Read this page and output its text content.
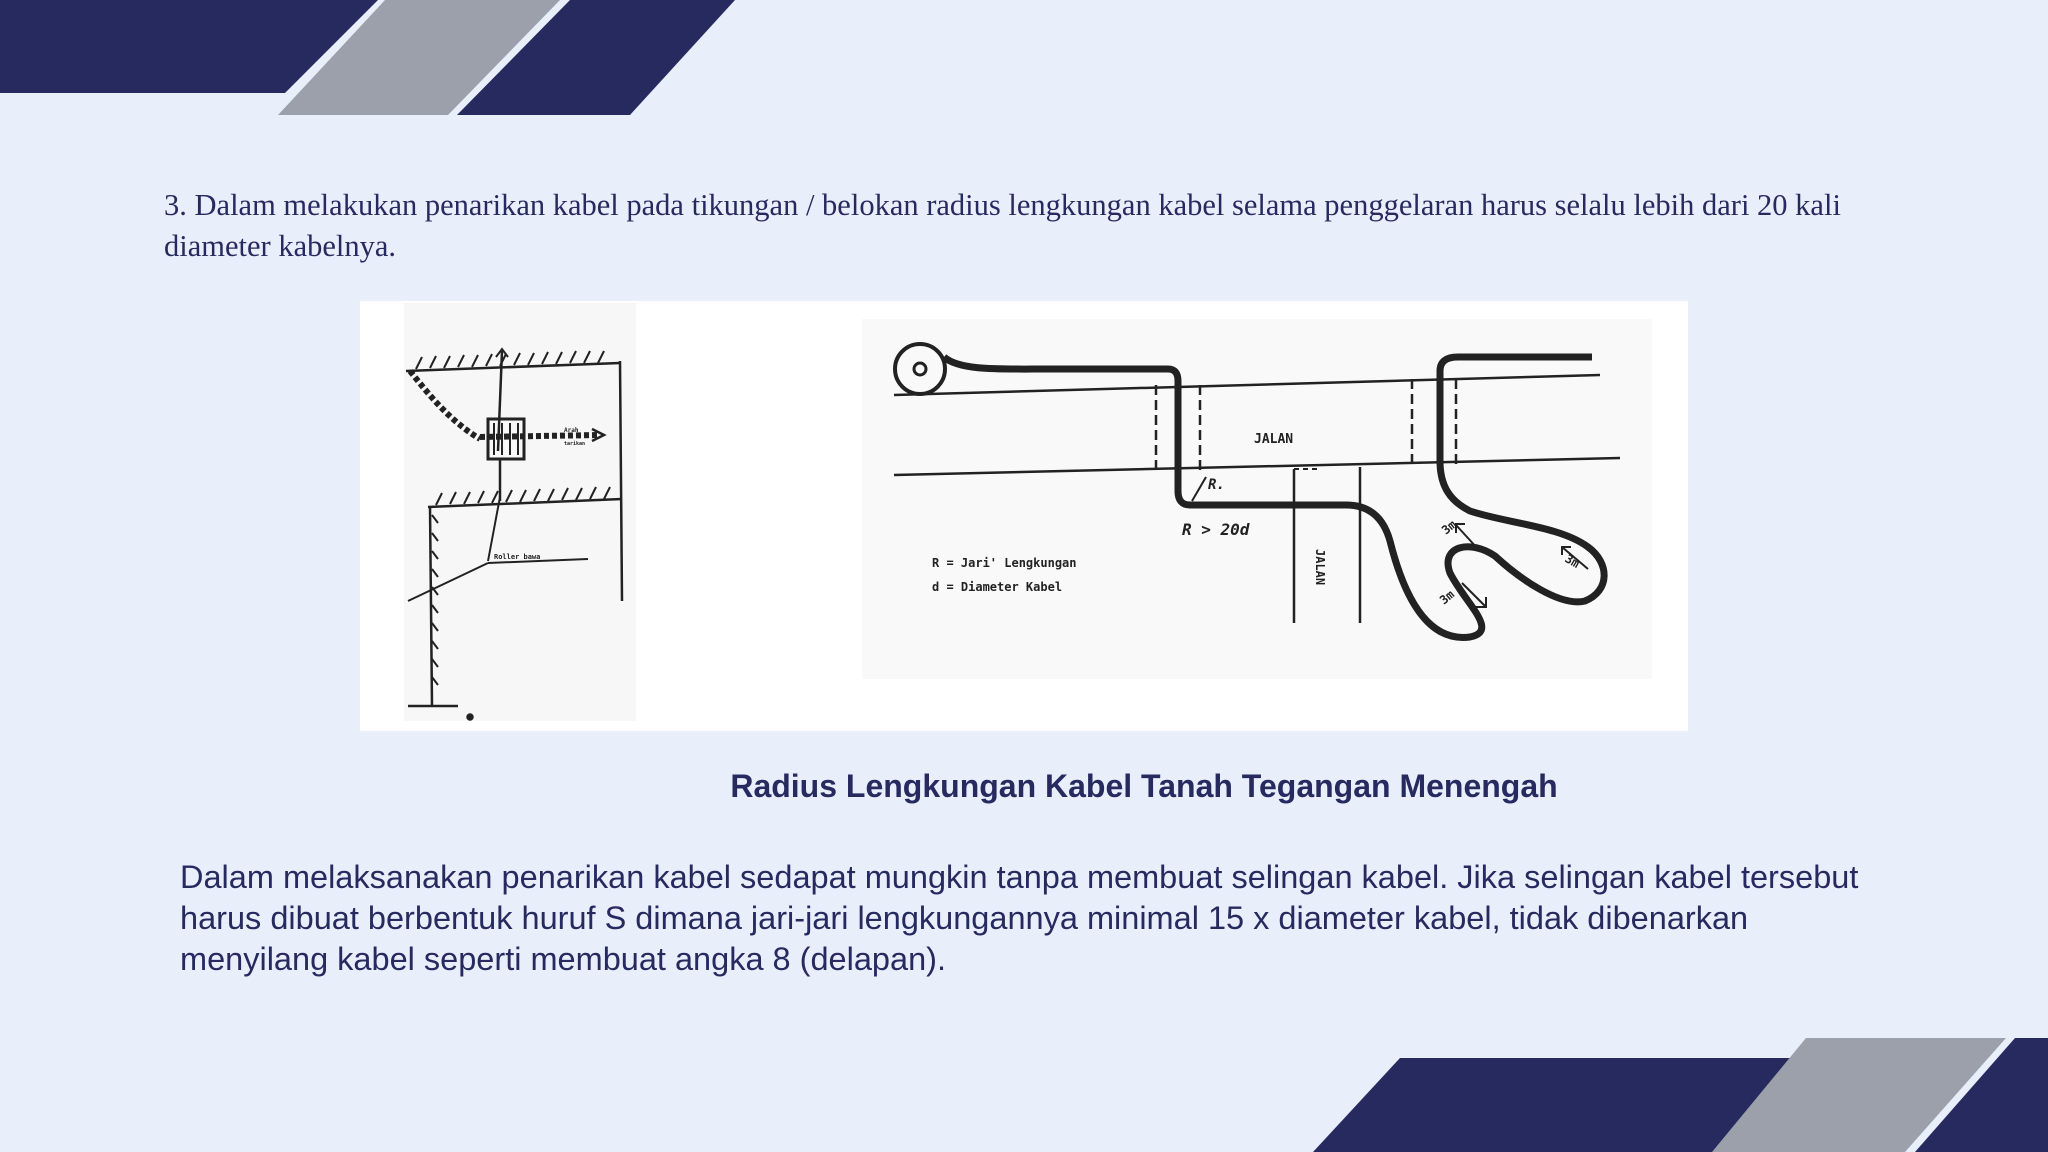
3. Dalam melakukan penarikan kabel pada tikungan / belokan radius lengkungan kabel selama penggelaran harus selalu lebih dari 20 kali diameter kabelnya.

Arah
tarikan
Roller bawa
JALAN
JALAN
R.
R > 20d
R = Jari' Lengkungan
d = Diameter Kabel
3m
3m
3m

Radius Lengkungan Kabel Tanah Tegangan Menengah

Dalam melaksanakan penarikan kabel sedapat mungkin tanpa membuat selingan kabel. Jika selingan kabel tersebut harus dibuat berbentuk huruf S dimana jari-jari lengkungannya minimal 15 x diameter kabel, tidak dibenarkan menyilang kabel seperti membuat angka 8 (delapan).
